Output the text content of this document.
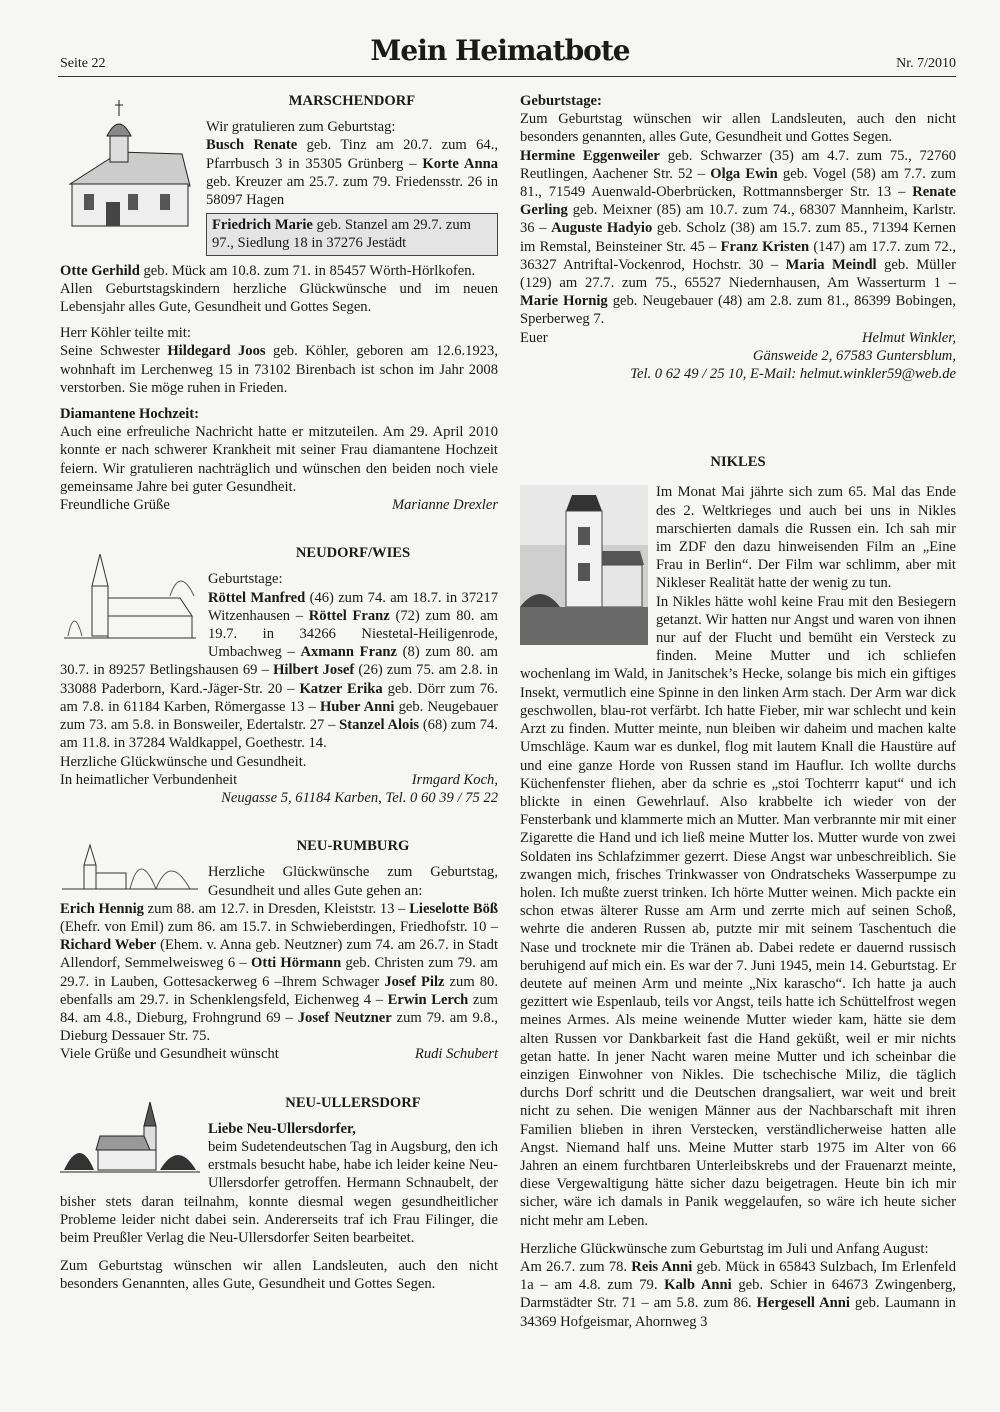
Seite 22	Mein Heimatbote	Nr. 7/2010
MARSCHENDORF

Wir gratulieren zum Geburtstag:

Busch Renate geb. Tinz am 20.7. zum 64., Pfarrbusch 3 in 35305 Grünberg – Korte Anna geb. Kreuzer am 25.7. zum 79. Friedensstr. 26 in 58097 Hagen

Friedrich Marie geb. Stanzel am 29.7. zum 97., Siedlung 18 in 37276 Jestädt

Otte Gerhild geb. Mück am 10.8. zum 71. in 85457 Wörth-Hörlkofen.

Allen Geburtstagskindern herzliche Glückwünsche und im neuen Lebensjahr alles Gute, Gesundheit und Gottes Segen.

Herr Köhler teilte mit:

Seine Schwester Hildegard Joos geb. Köhler, geboren am 12.6.1923, wohnhaft im Lerchenweg 15 in 73102 Birenbach ist schon im Jahr 2008 verstorben. Sie möge ruhen in Frieden.

Diamantene Hochzeit:

Auch eine erfreuliche Nachricht hatte er mitzuteilen. Am 29. April 2010 konnte er nach schwerer Krankheit mit seiner Frau diamantene Hochzeit feiern. Wir gratulieren nachträglich und wünschen den beiden noch viele gemeinsame Jahre bei guter Gesundheit.

Freundliche Grüße	Marianne Drexler
NEUDORF/WIES

Geburtstage:

Röttel Manfred (46) zum 74. am 18.7. in 37217 Witzenhausen – Röttel Franz (72) zum 80. am 19.7. in 34266 Niestetal-Heiligenrode, Umbachweg – Axmann Franz (8) zum 80. am 30.7. in 89257 Betlingshausen 69 – Hilbert Josef (26) zum 75. am 2.8. in 33088 Paderborn, Kard.-Jäger-Str. 20 – Katzer Erika geb. Dörr zum 76. am 7.8. in 61184 Karben, Römergasse 13 – Huber Anni geb. Neugebauer zum 73. am 5.8. in Bonsweiler, Edertalstr. 27 – Stanzel Alois (68) zum 74. am 11.8. in 37284 Waldkappel, Goethestr. 14.

Herzliche Glückwünsche und Gesundheit.

In heimatlicher Verbundenheit	Irmgard Koch,

Neugasse 5, 61184 Karben, Tel. 0 60 39 / 75 22

NEU-RUMBURG

Herzliche Glückwünsche zum Geburtstag, Gesundheit und alles Gute gehen an:

Erich Hennig zum 88. am 12.7. in Dresden, Kleiststr. 13 – Lieselotte Böß (Ehefr. von Emil) zum 86. am 15.7. in Schwieberdingen, Friedhofstr. 10 – Richard Weber (Ehem. v. Anna geb. Neutzner) zum 74. am 26.7. in Stadt Allendorf, Semmelweisweg 6 – Otti Hörmann geb. Christen zum 79. am 29.7. in Lauben, Gottesackerweg 6 –Ihrem Schwager Josef Pilz zum 80. ebenfalls am 29.7. in Schenklengsfeld, Eichenweg 4 – Erwin Lerch zum 84. am 4.8., Dieburg, Frohngrund 69 – Josef Neutzner zum 79. am 9.8., Dieburg Dessauer Str. 75.

Viele Grüße und Gesundheit wünscht	Rudi Schubert
NEU-ULLERSDORF

Liebe Neu-Ullersdorfer,

beim Sudetendeutschen Tag in Augsburg, den ich erstmals besucht habe, habe ich leider keine Neu-Ullersdorfer getroffen. Hermann Schnaubelt, der bisher stets daran teilnahm, konnte diesmal wegen gesundheitlicher Probleme leider nicht dabei sein. Andererseits traf ich Frau Filinger, die beim Preußler Verlag die Neu-Ullersdorfer Seiten bearbeitet.

Zum Geburtstag wünschen wir allen Landsleuten, auch den nicht besonders Genannten, alles Gute, Gesundheit und Gottes Segen.

Geburtstage:

Zum Geburtstag wünschen wir allen Landsleuten, auch den nicht besonders genannten, alles Gute, Gesundheit und Gottes Segen.

Hermine Eggenweiler geb. Schwarzer (35) am 4.7. zum 75., 72760 Reutlingen, Aachener Str. 52 – Olga Ewin geb. Vogel (58) am 7.7. zum 81., 71549 Auenwald-Oberbrücken, Rottmannsberger Str. 13 – Renate Gerling geb. Meixner (85) am 10.7. zum 74., 68307 Mannheim, Karlstr. 36 – Auguste Hadyio geb. Scholz (38) am 15.7. zum 85., 71394 Kernen im Remstal, Beinsteiner Str. 45 – Franz Kristen (147) am 17.7. zum 72., 36327 Antriftal-Vockenrod, Hochstr. 30 – Maria Meindl geb. Müller (129) am 27.7. zum 75., 65527 Niedernhausen, Am Wasserturm 1 – Marie Hornig geb. Neugebauer (48) am 2.8. zum 81., 86399 Bobingen, Sperberweg 7.

Euer	Helmut Winkler,

Gänsweide 2, 67583 Guntersblum,

Tel. 0 62 49 / 25 10, E-Mail: helmut.winkler59@web.de

NIKLES

Im Monat Mai jährte sich zum 65. Mal das Ende des 2. Weltkrieges und auch bei uns in Nikles marschierten damals die Russen ein. Ich sah mir im ZDF den dazu hinweisenden Film an „Eine Frau in Berlin“. Der Film war schlimm, aber mit Nikleser Realität hatte der wenig zu tun.

In Nikles hätte wohl keine Frau mit den Besiegern getanzt. Wir hatten nur Angst und waren von ihnen nur auf der Flucht und bemüht ein Versteck zu finden. Meine Mutter und ich schliefen wochenlang im Wald, in Janitschek’s Hecke, solange bis mich ein giftiges Insekt, vermutlich eine Spinne in den linken Arm stach. Der Arm war dick geschwollen, blau-rot verfärbt. Ich hatte Fieber, mir war schlecht und kein Arzt zu finden. Mutter meinte, nun bleiben wir daheim und machen kalte Umschläge. Kaum war es dunkel, flog mit lautem Knall die Haustüre auf und eine ganze Horde von Russen stand im Hauflur. Ich wollte durchs Küchenfenster fliehen, aber da schrie es „stoi Tochterrr kaput“ und ich blickte in einen Gewehrlauf. Also krabbelte ich wieder von der Fensterbank und klammerte mich an Mutter. Man verbrannte mir mit einer Zigarette die Hand und ich ließ meine Mutter los. Mutter wurde von zwei Soldaten ins Schlafzimmer gezerrt. Diese Angst war unbeschreiblich. Sie zwangen mich, frisches Trinkwasser von Ondratscheks Wasserpumpe zu holen. Ich mußte zuerst trinken. Ich hörte Mutter weinen. Mich packte ein schon etwas älterer Russe am Arm und zerrte mich auf seinen Schoß, wehrte die anderen Russen ab, putzte mir mit seinem Taschentuch die Nase und trocknete mir die Tränen ab. Dabei redete er dauernd russisch beruhigend auf mich ein. Es war der 7. Juni 1945, mein 14. Geburtstag. Er deutete auf meinen Arm und meinte „Nix karascho“. Ich hatte ja auch gezittert wie Espenlaub, teils vor Angst, teils hatte ich Schüttelfrost wegen meines Armes. Als meine weinende Mutter wieder kam, hätte sie dem alten Russen vor Dankbarkeit fast die Hand geküßt, weil er mir nichts getan hatte. In jener Nacht waren meine Mutter und ich scheinbar die einzigen Einwohner von Nikles. Die tschechische Miliz, die täglich durchs Dorf schritt und die Deutschen drangsaliert, war weit und breit nicht zu sehen. Die wenigen Männer aus der Nachbarschaft mit ihren Familien blieben in ihren Verstecken, verständlicherweise hatten alle Angst. Niemand half uns. Meine Mutter starb 1975 im Alter von 66 Jahren an einem furchtbaren Unterleibskrebs und der Frauenarzt meinte, diese Vergewaltigung hätte sicher dazu beigetragen. Heute bin ich mir sicher, wäre ich damals in Panik weggelaufen, so wäre ich heute sicher nicht mehr am Leben.

Herzliche Glückwünsche zum Geburtstag im Juli und Anfang August:

Am 26.7. zum 78. Reis Anni geb. Mück in 65843 Sulzbach, Im Erlenfeld 1a – am 4.8. zum 79. Kalb Anni geb. Schier in 64673 Zwingenberg, Darmstädter Str. 71 – am 5.8. zum 86. Hergesell Anni geb. Laumann in 34369 Hofgeismar, Ahornweg 3
